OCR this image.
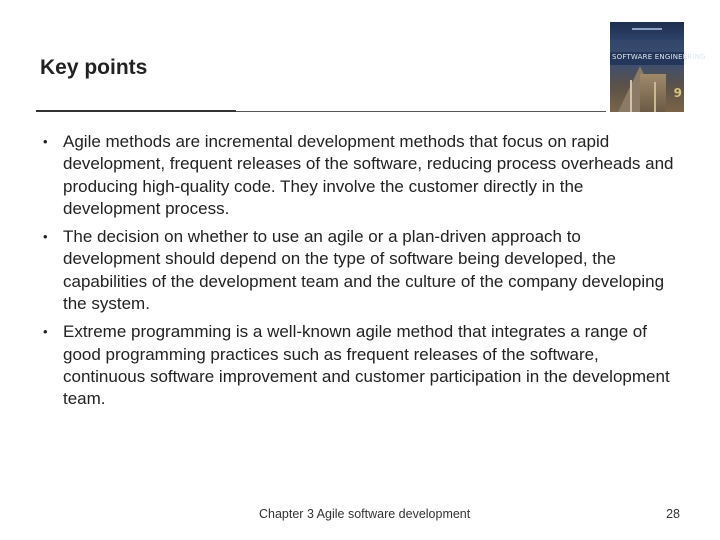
Key points	SOFTWARE ENGINEERING
9
• Agile methods are incremental development methods that focus on rapid development, frequent releases of the software, reducing process overheads and producing high-quality code. They involve the customer directly in the development process.
• The decision on whether to use an agile or a plan-driven approach to development should depend on the type of software being developed, the capabilities of the development team and the culture of the company developing the system.
• Extreme programming is a well-known agile method that integrates a range of good programming practices such as frequent releases of the software, continuous software improvement and customer participation in the development team.
Chapter 3 Agile software development	28
